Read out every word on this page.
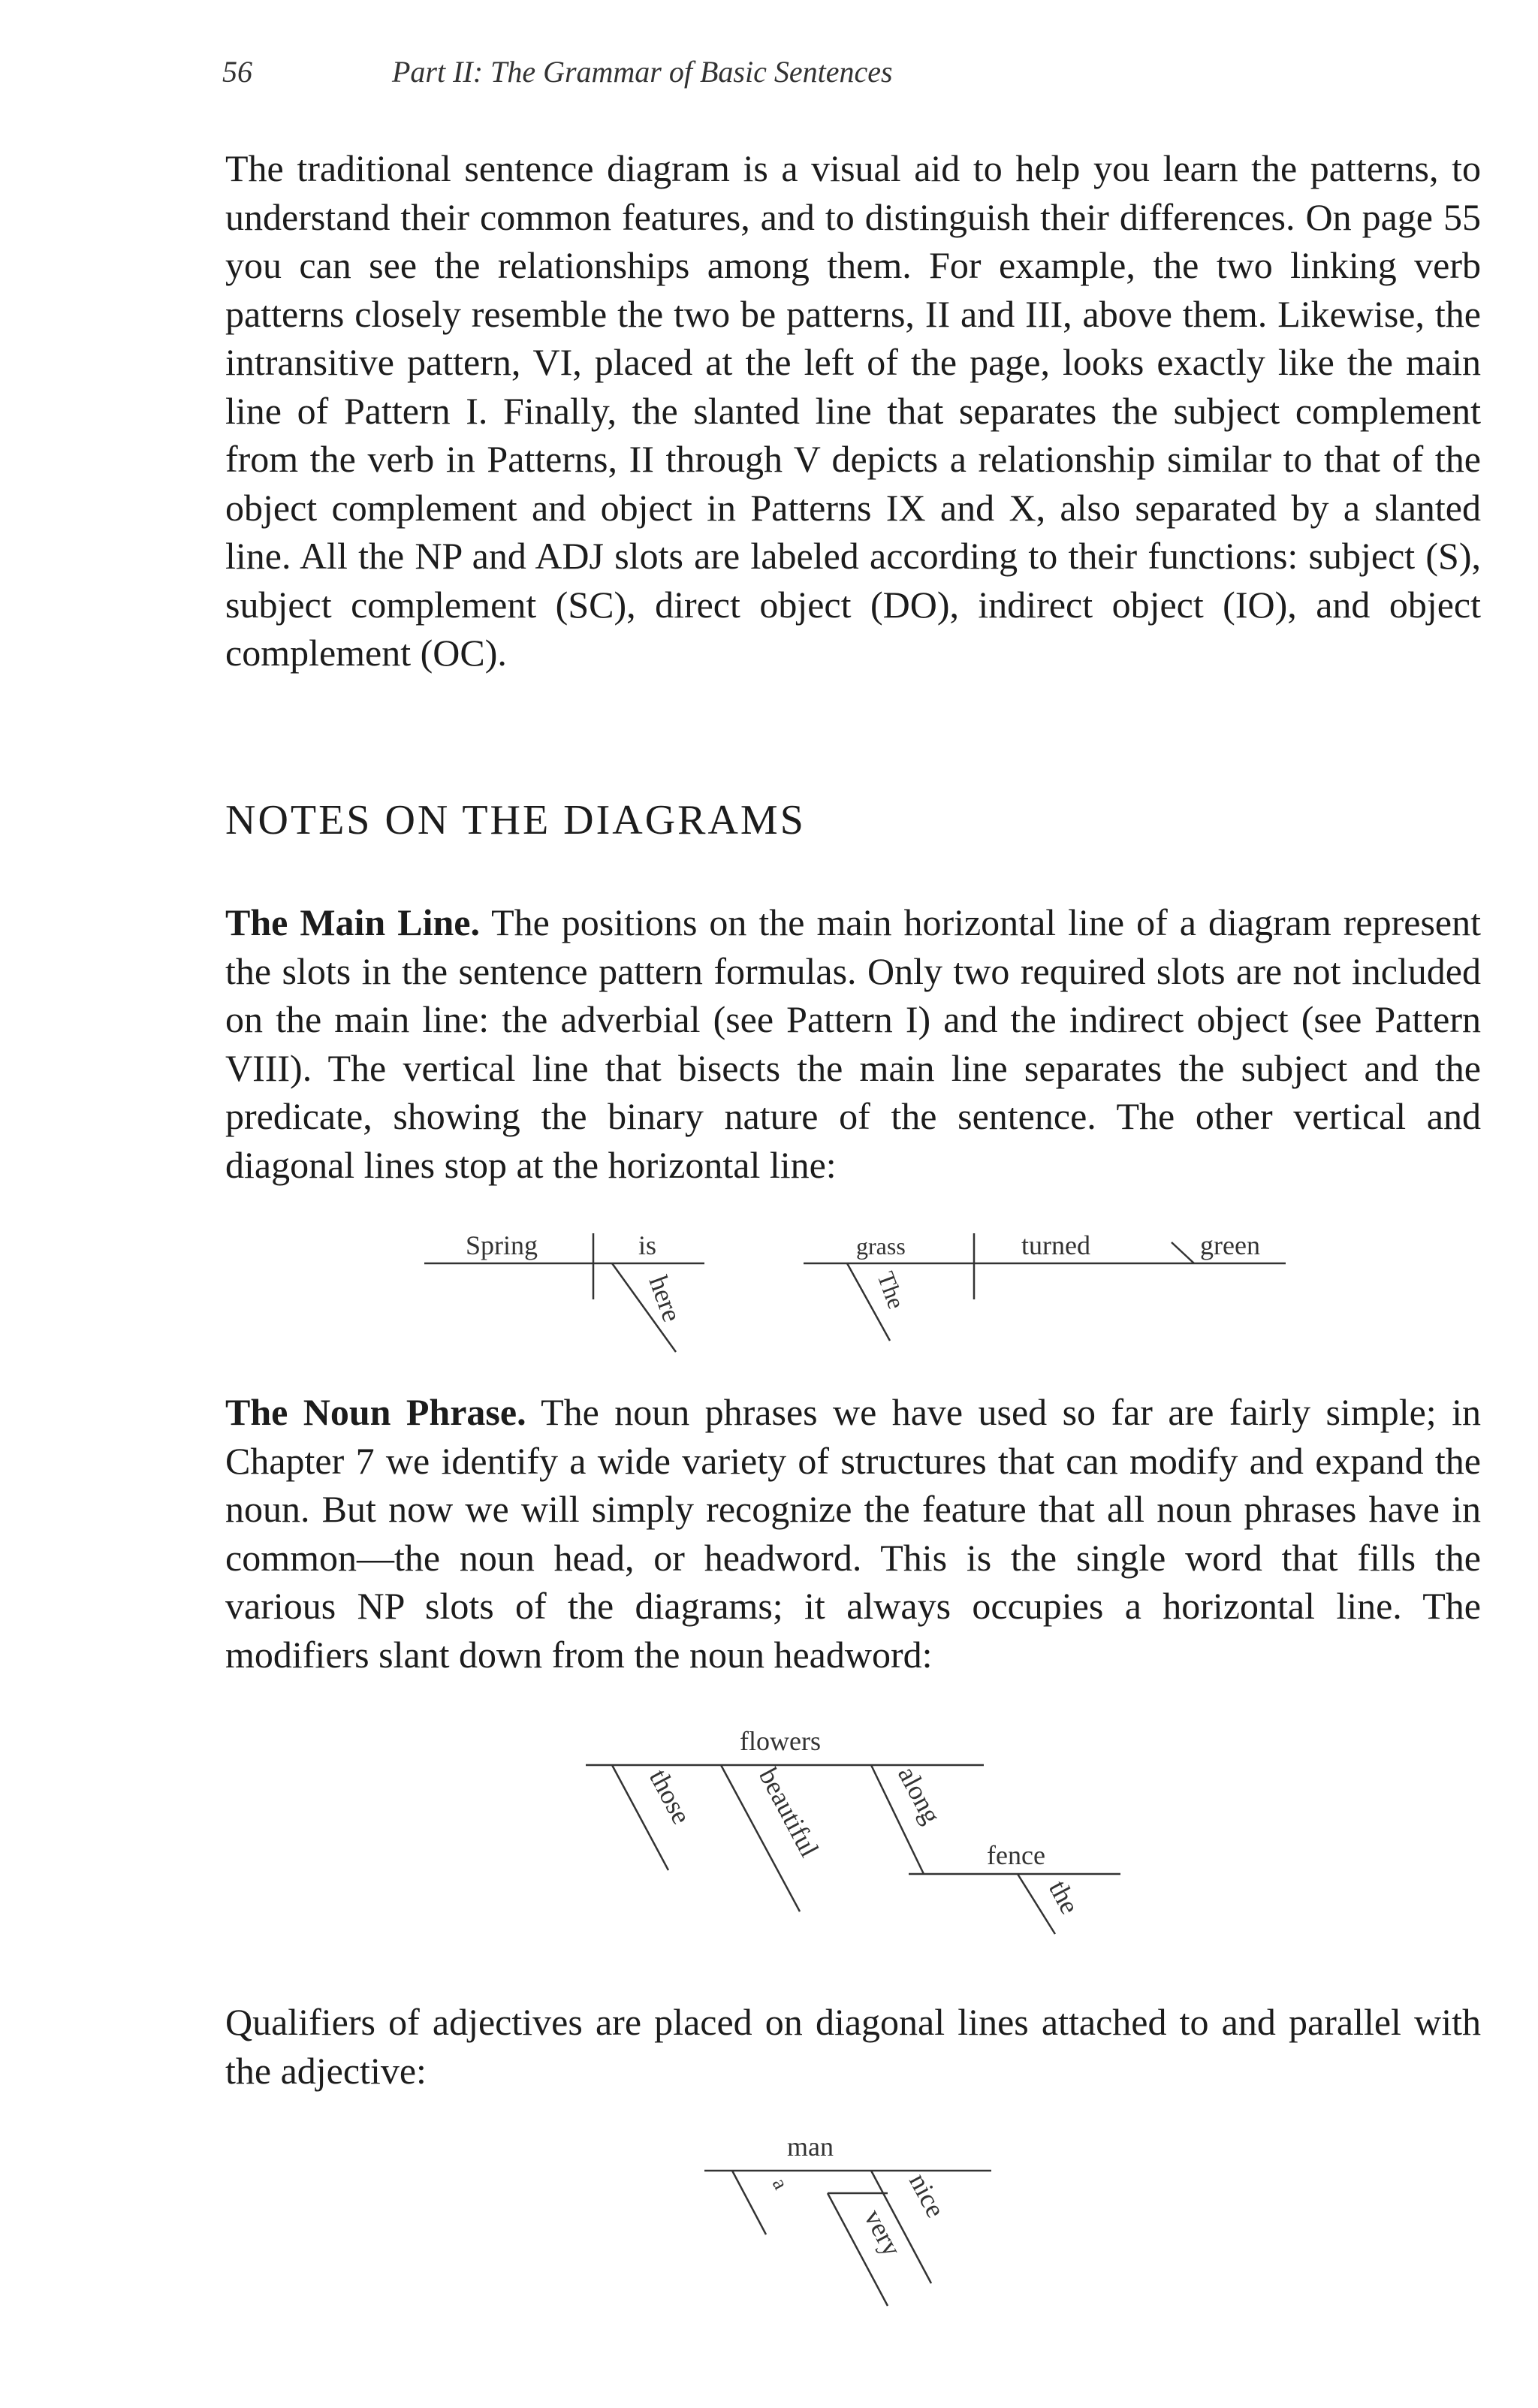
56	Part II: The Grammar of Basic Sentences

The traditional sentence diagram is a visual aid to help you learn the patterns, to understand their common features, and to distinguish their differences. On page 55 you can see the relationships among them. For example, the two linking verb patterns closely resemble the two be patterns, II and III, above them. Likewise, the intransitive pattern, VI, placed at the left of the page, looks exactly like the main line of Pattern I. Finally, the slanted line that separates the subject complement from the verb in Patterns, II through V depicts a relationship similar to that of the object complement and object in Patterns IX and X, also separated by a slanted line. All the NP and ADJ slots are labeled according to their functions: subject (S), subject complement (SC), direct object (DO), indirect object (IO), and object complement (OC).

NOTES ON THE DIAGRAMS

The Main Line. The positions on the main horizontal line of a diagram represent the slots in the sentence pattern formulas. Only two required slots are not included on the main line: the adverbial (see Pattern I) and the indirect object (see Pattern VIII). The vertical line that bisects the main line separates the subject and the predicate, showing the binary nature of the sentence. The other vertical and diagonal lines stop at the horizontal line:

Spring	is
here
grass	turned	green
The

The Noun Phrase. The noun phrases we have used so far are fairly simple; in Chapter 7 we identify a wide variety of structures that can modify and expand the noun. But now we will simply recognize the feature that all noun phrases have in common—the noun head, or headword. This is the single word that fills the various NP slots of the diagrams; it always occupies a horizontal line. The modifiers slant down from the noun headword:

flowers
those beautiful along
fence
the

Qualifiers of adjectives are placed on diagonal lines attached to and parallel with the adjective:

man
a	nice
very
